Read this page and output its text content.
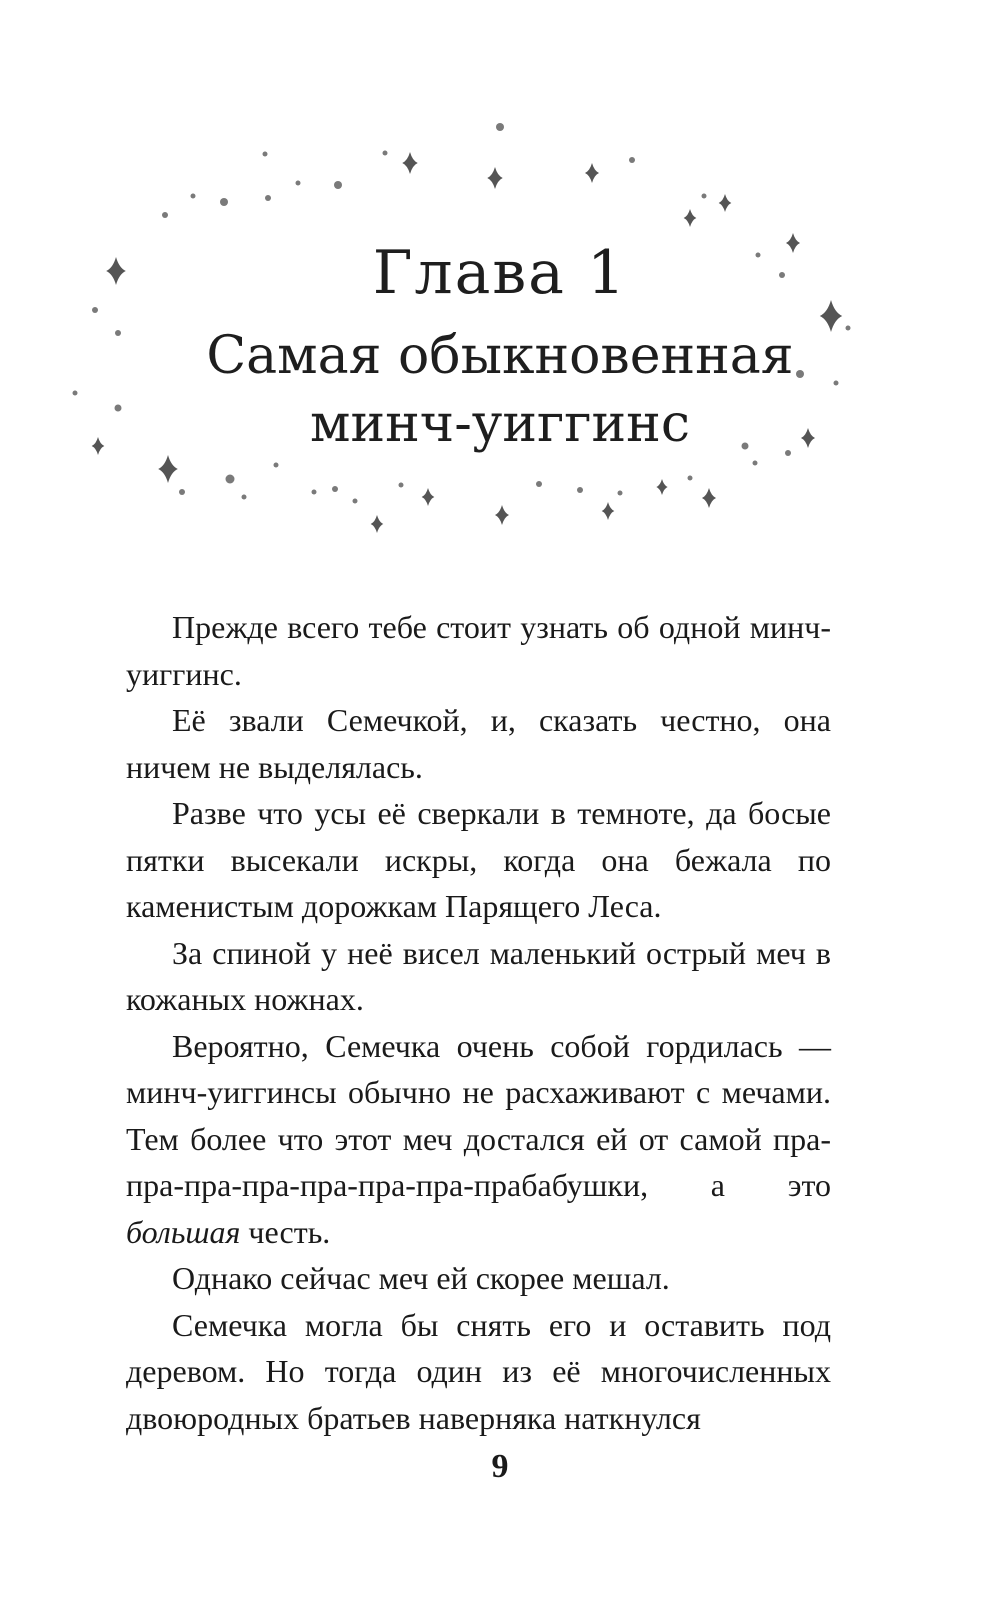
Глава 1
Самая обыкновенная
минч-уиггинс

Прежде всего тебе стоит узнать об одной минч-уиггинс.

Её звали Семечкой, и, сказать честно, она ничем не выделялась.

Разве что усы её сверкали в темноте, да босые пятки высекали искры, когда она бежала по каменистым дорожкам Парящего Леса.

За спиной у неё висел маленький острый меч в кожаных ножнах.

Вероятно, Семечка очень собой гордилась — минч-уиггинсы обычно не расхаживают с мечами. Тем более что этот меч достался ей от самой пра-пра-пра-пра-пра-пра-пра-прабабушки, а это большая честь.

Однако сейчас меч ей скорее мешал.

Семечка могла бы снять его и оставить под деревом. Но тогда один из её многочисленных двоюродных братьев наверняка наткнулся

9
